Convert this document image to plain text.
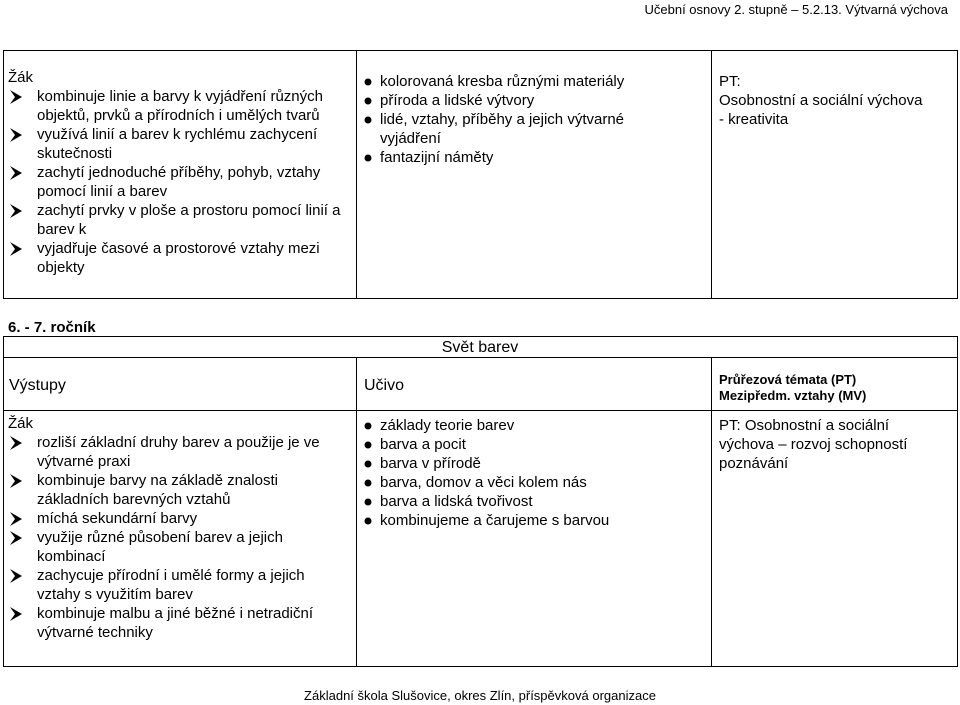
Učební osnovy 2. stupně – 5.2.13. Výtvarná výchova
Žák
kombinuje linie a barvy k vyjádření různých objektů, prvků a přírodních i umělých tvarů
využívá linií a barev k rychlému zachycení skutečnosti
zachytí jednoduché příběhy, pohyb, vztahy pomocí linií a barev
zachytí prvky v ploše a prostoru pomocí linií a barev k
vyjadřuje časové a prostorové vztahy mezi objekty
kolorovaná kresba různými materiály
příroda a lidské výtvory
lidé, vztahy, příběhy a jejich výtvarné vyjádření
fantazijní náměty
PT:
Osobnostní a sociální výchova
- kreativita
6. - 7. ročník
Svět barev
Výstupy	Učivo	Průřezová témata (PT)
Mezipředm. vztahy (MV)
Žák
rozliší základní druhy barev a použije je ve výtvarné praxi
kombinuje barvy na základě znalosti základních barevných vztahů
míchá sekundární barvy
využije různé působení barev a jejich kombinací
zachycuje přírodní i umělé formy a jejich vztahy s využitím barev
kombinuje malbu a jiné běžné i netradiční výtvarné techniky
základy teorie barev
barva a pocit
barva v přírodě
barva, domov a věci kolem nás
barva a lidská tvořivost
kombinujeme a čarujeme s barvou
PT: Osobnostní a sociální výchova – rozvoj schopností poznávání
Základní škola Slušovice, okres Zlín, příspěvková organizace
